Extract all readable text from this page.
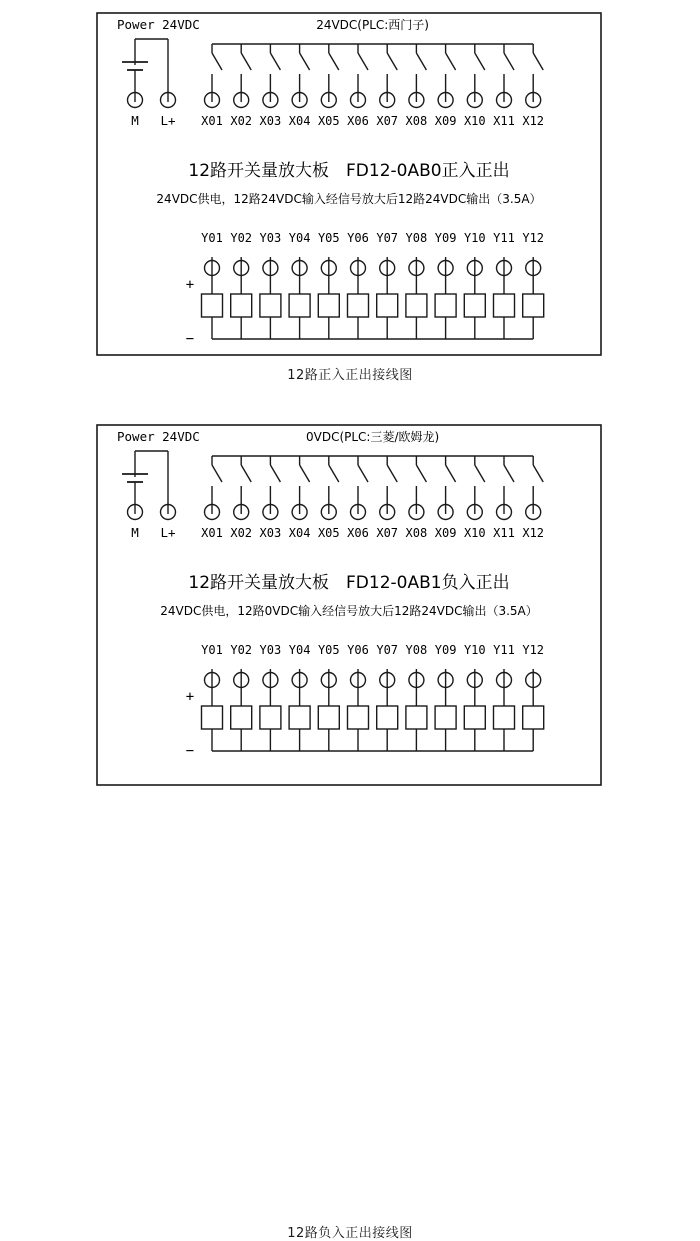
Power 24VDC
M L+
24VDC(PLC:西门子)
X01 X02 X03 X04 X05 X06 X07 X08 X09 X10 X11 X12
12路开关量放大板　FD12-0AB0正入正出
24VDC供电，12路24VDC输入经信号放大后12路24VDC输出（3.5A）
Y01 Y02 Y03 Y04 Y05 Y06 Y07 Y08 Y09 Y10 Y11 Y12
+
−
12路正入正出接线图
Power 24VDC
M L+
0VDC(PLC:三菱/欧姆龙)
X01 X02 X03 X04 X05 X06 X07 X08 X09 X10 X11 X12
12路开关量放大板　FD12-0AB1负入正出
24VDC供电，12路0VDC输入经信号放大后12路24VDC输出（3.5A）
Y01 Y02 Y03 Y04 Y05 Y06 Y07 Y08 Y09 Y10 Y11 Y12
+
−
12路负入正出接线图
